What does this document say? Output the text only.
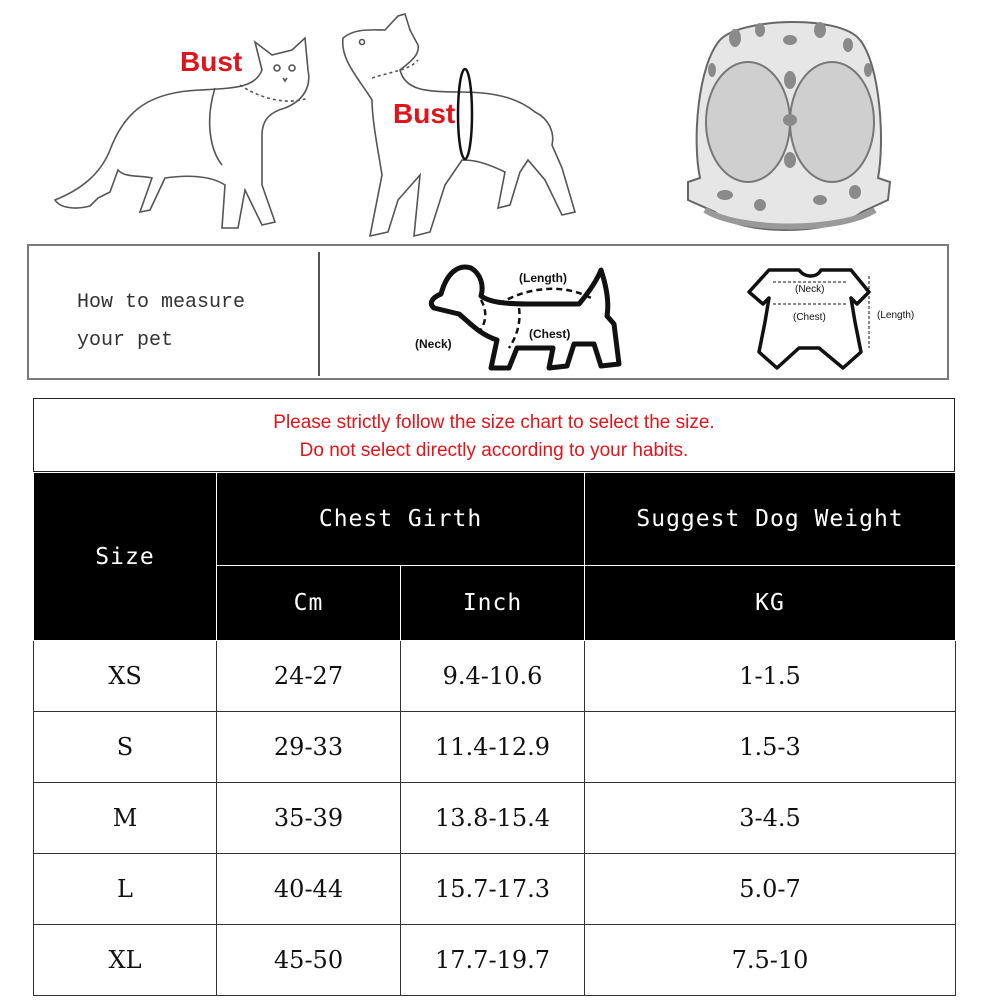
Bust
Bust
How to measure
your pet
(Length)
(Neck)
(Chest)
(Neck)
(Chest)	(Length)
Please strictly follow the size chart to select the size.
Do not select directly according to your habits.
Size	Chest Girth		Suggest Dog Weight
	Cm	Inch	KG
XS	24-27	9.4-10.6	1-1.5
S	29-33	11.4-12.9	1.5-3
M	35-39	13.8-15.4	3-4.5
L	40-44	15.7-17.3	5.0-7
XL	45-50	17.7-19.7	7.5-10
